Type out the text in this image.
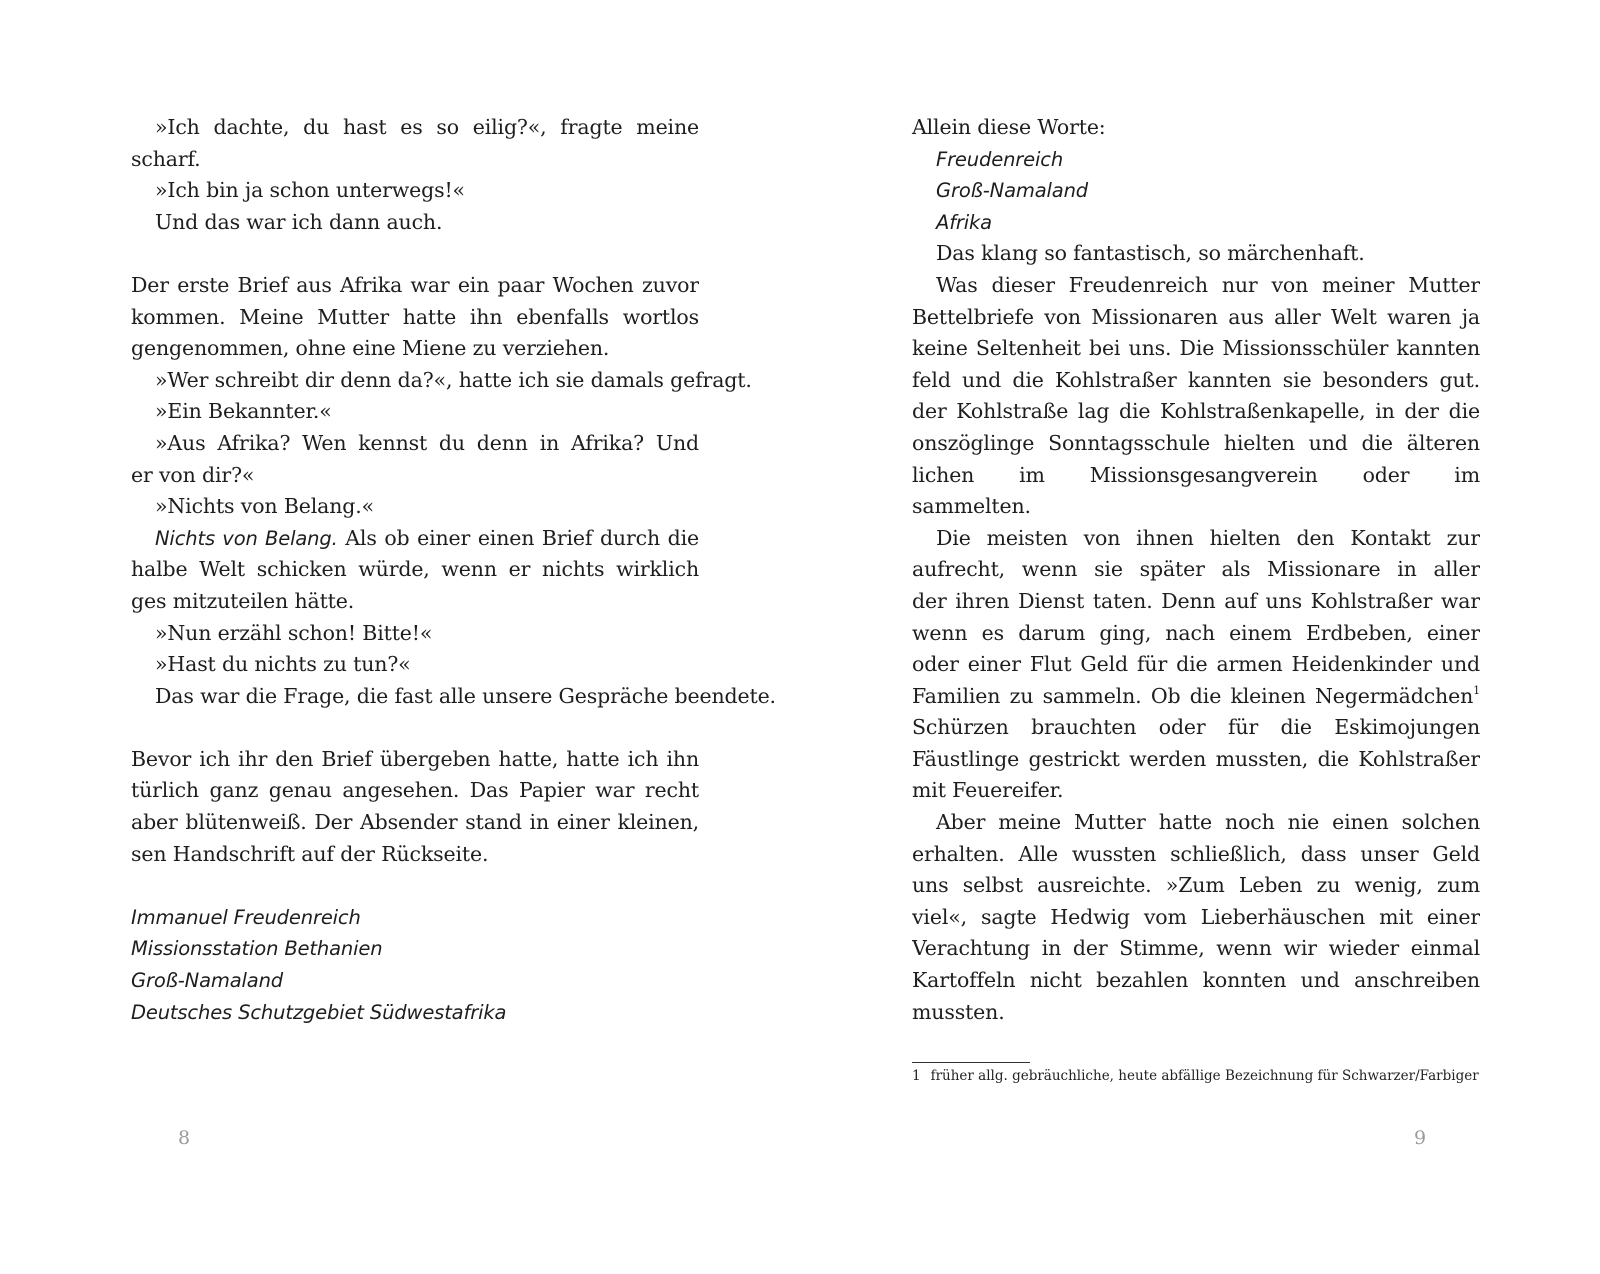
»Ich dachte, du hast es so eilig?«, fragte meine
scharf.
»Ich bin ja schon unterwegs!«
Und das war ich dann auch.
Der erste Brief aus Afrika war ein paar Wochen zuvor
kommen. Meine Mutter hatte ihn ebenfalls wortlos
gengenommen, ohne eine Miene zu verziehen.
»Wer schreibt dir denn da?«, hatte ich sie damals gefragt.
»Ein Bekannter.«
»Aus Afrika? Wen kennst du denn in Afrika? Und
er von dir?«
»Nichts von Belang.«
Nichts von Belang. Als ob einer einen Brief durch die
halbe Welt schicken würde, wenn er nichts wirklich
ges mitzuteilen hätte.
»Nun erzähl schon! Bitte!«
»Hast du nichts zu tun?«
Das war die Frage, die fast alle unsere Gespräche beendete.
Bevor ich ihr den Brief übergeben hatte, hatte ich ihn
türlich ganz genau angesehen. Das Papier war recht
aber blütenweiß. Der Absender stand in einer kleinen,
sen Handschrift auf der Rückseite.
Immanuel Freudenreich
Missionsstation Bethanien
Groß-Namaland
Deutsches Schutzgebiet Südwestafrika
Allein diese Worte:
Freudenreich
Groß-Namaland
Afrika
Das klang so fantastisch, so märchenhaft.
Was dieser Freudenreich nur von meiner Mutter
Bettelbriefe von Missionaren aus aller Welt waren ja
keine Seltenheit bei uns. Die Missionsschüler kannten
feld und die Kohlstraßer kannten sie besonders gut.
der Kohlstraße lag die Kohlstraßenkapelle, in der die
onszöglinge Sonntagsschule hielten und die älteren
lichen im Missionsgesangverein oder im
sammelten.
Die meisten von ihnen hielten den Kontakt zur
aufrecht, wenn sie später als Missionare in aller
der ihren Dienst taten. Denn auf uns Kohlstraßer war
wenn es darum ging, nach einem Erdbeben, einer
oder einer Flut Geld für die armen Heidenkinder und
Familien zu sammeln. Ob die kleinen Negermädchen$^1$
Schürzen brauchten oder für die Eskimojungen
Fäustlinge gestrickt werden mussten, die Kohlstraßer
mit Feuereifer.
Aber meine Mutter hatte noch nie einen solchen
erhalten. Alle wussten schließlich, dass unser Geld
uns selbst ausreichte. »Zum Leben zu wenig, zum
viel«, sagte Hedwig vom Lieberhäuschen mit einer
Verachtung in der Stimme, wenn wir wieder einmal
Kartoffeln nicht bezahlen konnten und anschreiben
mussten.
1 früher allg. gebräuchliche, heute abfällige Bezeichnung für Schwarzer/Farbiger
8	9
